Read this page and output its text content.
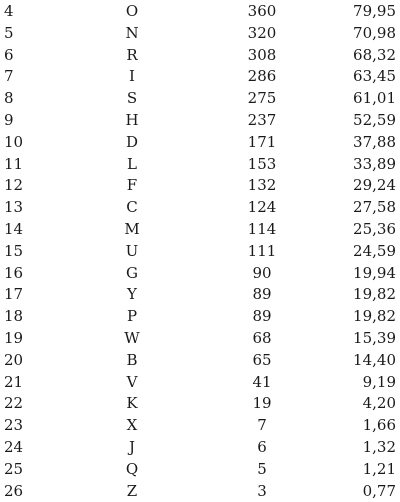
4	O	360	79,95
5	N	320	70,98
6	R	308	68,32
7	I	286	63,45
8	S	275	61,01
9	H	237	52,59
10	D	171	37,88
11	L	153	33,89
12	F	132	29,24
13	C	124	27,58
14	M	114	25,36
15	U	111	24,59
16	G	90	19,94
17	Y	89	19,82
18	P	89	19,82
19	W	68	15,39
20	B	65	14,40
21	V	41	9,19
22	K	19	4,20
23	X	7	1,66
24	J	6	1,32
25	Q	5	1,21
26	Z	3	0,77
